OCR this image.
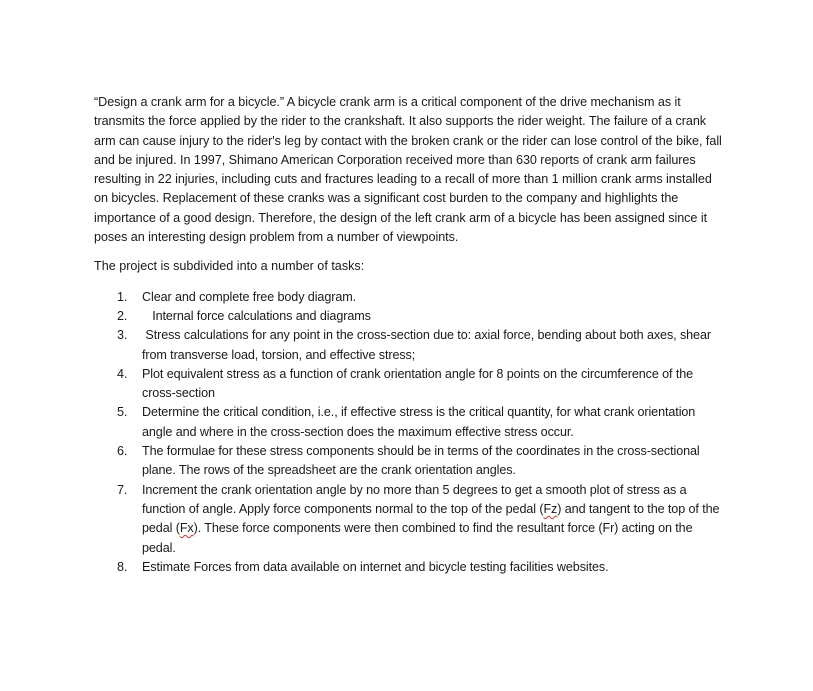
“Design a crank arm for a bicycle.” A bicycle crank arm is a critical component of the drive mechanism as it transmits the force applied by the rider to the crankshaft. It also supports the rider weight. The failure of a crank arm can cause injury to the rider's leg by contact with the broken crank or the rider can lose control of the bike, fall and be injured. In 1997, Shimano American Corporation received more than 630 reports of crank arm failures resulting in 22 injuries, including cuts and fractures leading to a recall of more than 1 million crank arms installed on bicycles. Replacement of these cranks was a significant cost burden to the company and highlights the importance of a good design. Therefore, the design of the left crank arm of a bicycle has been assigned since it poses an interesting design problem from a number of viewpoints.

The project is subdivided into a number of tasks:

1. Clear and complete free body diagram.
2. Internal force calculations and diagrams
3. Stress calculations for any point in the cross-section due to: axial force, bending about both axes, shear from transverse load, torsion, and effective stress;
4. Plot equivalent stress as a function of crank orientation angle for 8 points on the circumference of the cross-section
5. Determine the critical condition, i.e., if effective stress is the critical quantity, for what crank orientation angle and where in the cross-section does the maximum effective stress occur.
6. The formulae for these stress components should be in terms of the coordinates in the cross-sectional plane. The rows of the spreadsheet are the crank orientation angles.
7. Increment the crank orientation angle by no more than 5 degrees to get a smooth plot of stress as a function of angle. Apply force components normal to the top of the pedal (Fz) and tangent to the top of the pedal (Fx). These force components were then combined to find the resultant force (Fr) acting on the pedal.
8. Estimate Forces from data available on internet and bicycle testing facilities websites.
